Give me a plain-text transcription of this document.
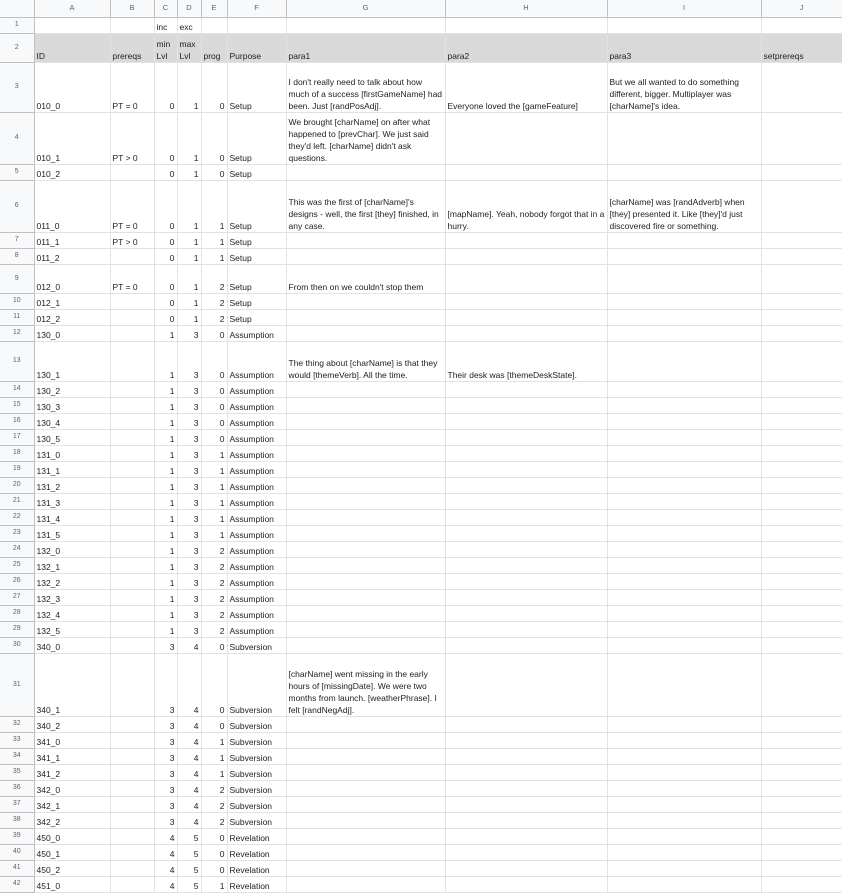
	A	B	C	D	E	F	G	H	I	J
1			inc	exc						
2	ID	prereqs	min Lvl	max Lvl	prog	Purpose	para1	para2	para3	setprereqs
3	010_0	PT = 0	0	1	0	Setup	I don't really need to talk about how much of a success [firstGameName] had been. Just [randPosAdj].	Everyone loved the [gameFeature]	But we all wanted to do something different, bigger. Multiplayer was [charName]'s idea.	
4	010_1	PT > 0	0	1	0	Setup	We brought [charName] on after what happened to [prevChar]. We just said they'd left. [charName] didn't ask questions.			
5	010_2		0	1	0	Setup				
6	011_0	PT = 0	0	1	1	Setup	This was the first of [charName]'s designs - well, the first [they] finished, in any case.	[mapName]. Yeah, nobody forgot that in a hurry.	[charName] was [randAdverb] when [they] presented it. Like [they]'d just discovered fire or something.	
7	011_1	PT > 0	0	1	1	Setup				
8	011_2		0	1	1	Setup				
9	012_0	PT = 0	0	1	2	Setup	From then on we couldn't stop them			
10	012_1		0	1	2	Setup				
11	012_2		0	1	2	Setup				
12	130_0		1	3	0	Assumption				
13	130_1		1	3	0	Assumption	The thing about [charName] is that they would [themeVerb]. All the time.	Their desk was [themeDeskState].		
14	130_2		1	3	0	Assumption				
15	130_3		1	3	0	Assumption				
16	130_4		1	3	0	Assumption				
17	130_5		1	3	0	Assumption				
18	131_0		1	3	1	Assumption				
19	131_1		1	3	1	Assumption				
20	131_2		1	3	1	Assumption				
21	131_3		1	3	1	Assumption				
22	131_4		1	3	1	Assumption				
23	131_5		1	3	1	Assumption				
24	132_0		1	3	2	Assumption				
25	132_1		1	3	2	Assumption				
26	132_2		1	3	2	Assumption				
27	132_3		1	3	2	Assumption				
28	132_4		1	3	2	Assumption				
29	132_5		1	3	2	Assumption				
30	340_0		3	4	0	Subversion				
31	340_1		3	4	0	Subversion	[charName] went missing in the early hours of [missingDate]. We were two months from launch. [weatherPhrase]. I felt [randNegAdj].			
32	340_2		3	4	0	Subversion				
33	341_0		3	4	1	Subversion				
34	341_1		3	4	1	Subversion				
35	341_2		3	4	1	Subversion				
36	342_0		3	4	2	Subversion				
37	342_1		3	4	2	Subversion				
38	342_2		3	4	2	Subversion				
39	450_0		4	5	0	Revelation				
40	450_1		4	5	0	Revelation				
41	450_2		4	5	0	Revelation				
42	451_0		4	5	1	Revelation				
